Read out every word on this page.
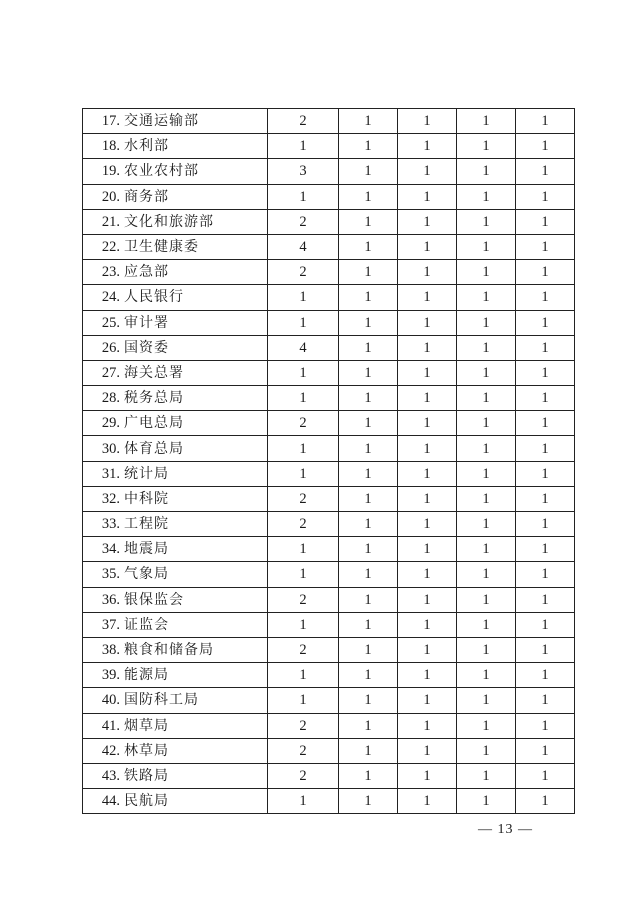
17.	交通运输部	2	1	1	1	1
18.	水利部	1	1	1	1	1
19.	农业农村部	3	1	1	1	1
20.	商务部	1	1	1	1	1
21.	文化和旅游部	2	1	1	1	1
22.	卫生健康委	4	1	1	1	1
23.	应急部	2	1	1	1	1
24.	人民银行	1	1	1	1	1
25.	审计署	1	1	1	1	1
26.	国资委	4	1	1	1	1
27.	海关总署	1	1	1	1	1
28.	税务总局	1	1	1	1	1
29.	广电总局	2	1	1	1	1
30.	体育总局	1	1	1	1	1
31.	统计局	1	1	1	1	1
32.	中科院	2	1	1	1	1
33.	工程院	2	1	1	1	1
34.	地震局	1	1	1	1	1
35.	气象局	1	1	1	1	1
36.	银保监会	2	1	1	1	1
37.	证监会	1	1	1	1	1
38.	粮食和储备局	2	1	1	1	1
39.	能源局	1	1	1	1	1
40.	国防科工局	1	1	1	1	1
41.	烟草局	2	1	1	1	1
42.	林草局	2	1	1	1	1
43.	铁路局	2	1	1	1	1
44.	民航局	1	1	1	1	1
— 13 —
